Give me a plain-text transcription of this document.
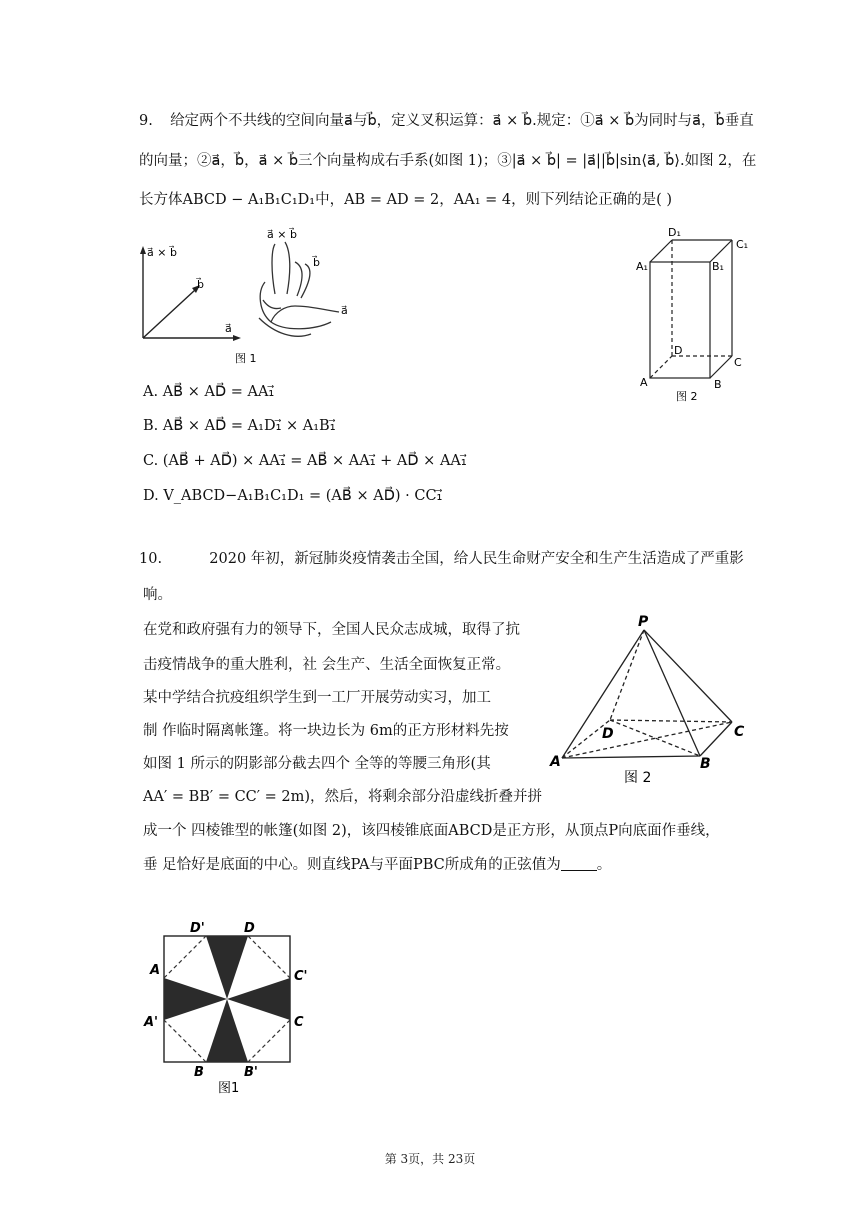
9. 给定两个不共线的空间向量a⃗与b⃗，定义叉积运算：a⃗ × b⃗.规定：①a⃗ × b⃗为同时与a⃗，b⃗垂直
的向量；②a⃗，b⃗，a⃗ × b⃗三个向量构成右手系(如图 1)；③|a⃗ × b⃗| = |a⃗||b⃗|sin⟨a⃗, b⃗⟩.如图 2，在
长方体ABCD − A₁B₁C₁D₁中，AB = AD = 2，AA₁ = 4，则下列结论正确的是( )
a⃗ × b⃗
b⃗
a⃗
a⃗ × b⃗
b⃗
a⃗
图 1
D₁
C₁
A₁	B₁
D
C
A	B
图 2
A. AB⃗ × AD⃗ = AA₁⃗
B. AB⃗ × AD⃗ = A₁D₁⃗ × A₁B₁⃗
C. (AB⃗ + AD⃗) × AA₁⃗ = AB⃗ × AA₁⃗ + AD⃗ × AA₁⃗
D. V_ABCD−A₁B₁C₁D₁ = (AB⃗ × AD⃗) · CC₁⃗
10.	2020 年初，新冠肺炎疫情袭击全国，给人民生命财产安全和生产生活造成了严重影
响。
在党和政府强有力的领导下，全国人民众志成城，取得了抗
击疫情战争的重大胜利，社 会生产、生活全面恢复正常。
某中学结合抗疫组织学生到一工厂开展劳动实习，加工
制 作临时隔离帐篷。将一块边长为 6m的正方形材料先按
如图 1 所示的阴影部分截去四个 全等的等腰三角形(其
AA′ = BB′ = CC′ = 2m)，然后，将剩余部分沿虚线折叠并拼
成一个 四棱锥型的帐篷(如图 2)，该四棱锥底面ABCD是正方形，从顶点P向底面作垂线，
垂 足恰好是底面的中心。则直线PA与平面PBC所成角的正弦值为 。
P
D	C
A	B
图 2
D'	D
A	C'
A'	C
B	B'
图1
第 3页，共 23页
